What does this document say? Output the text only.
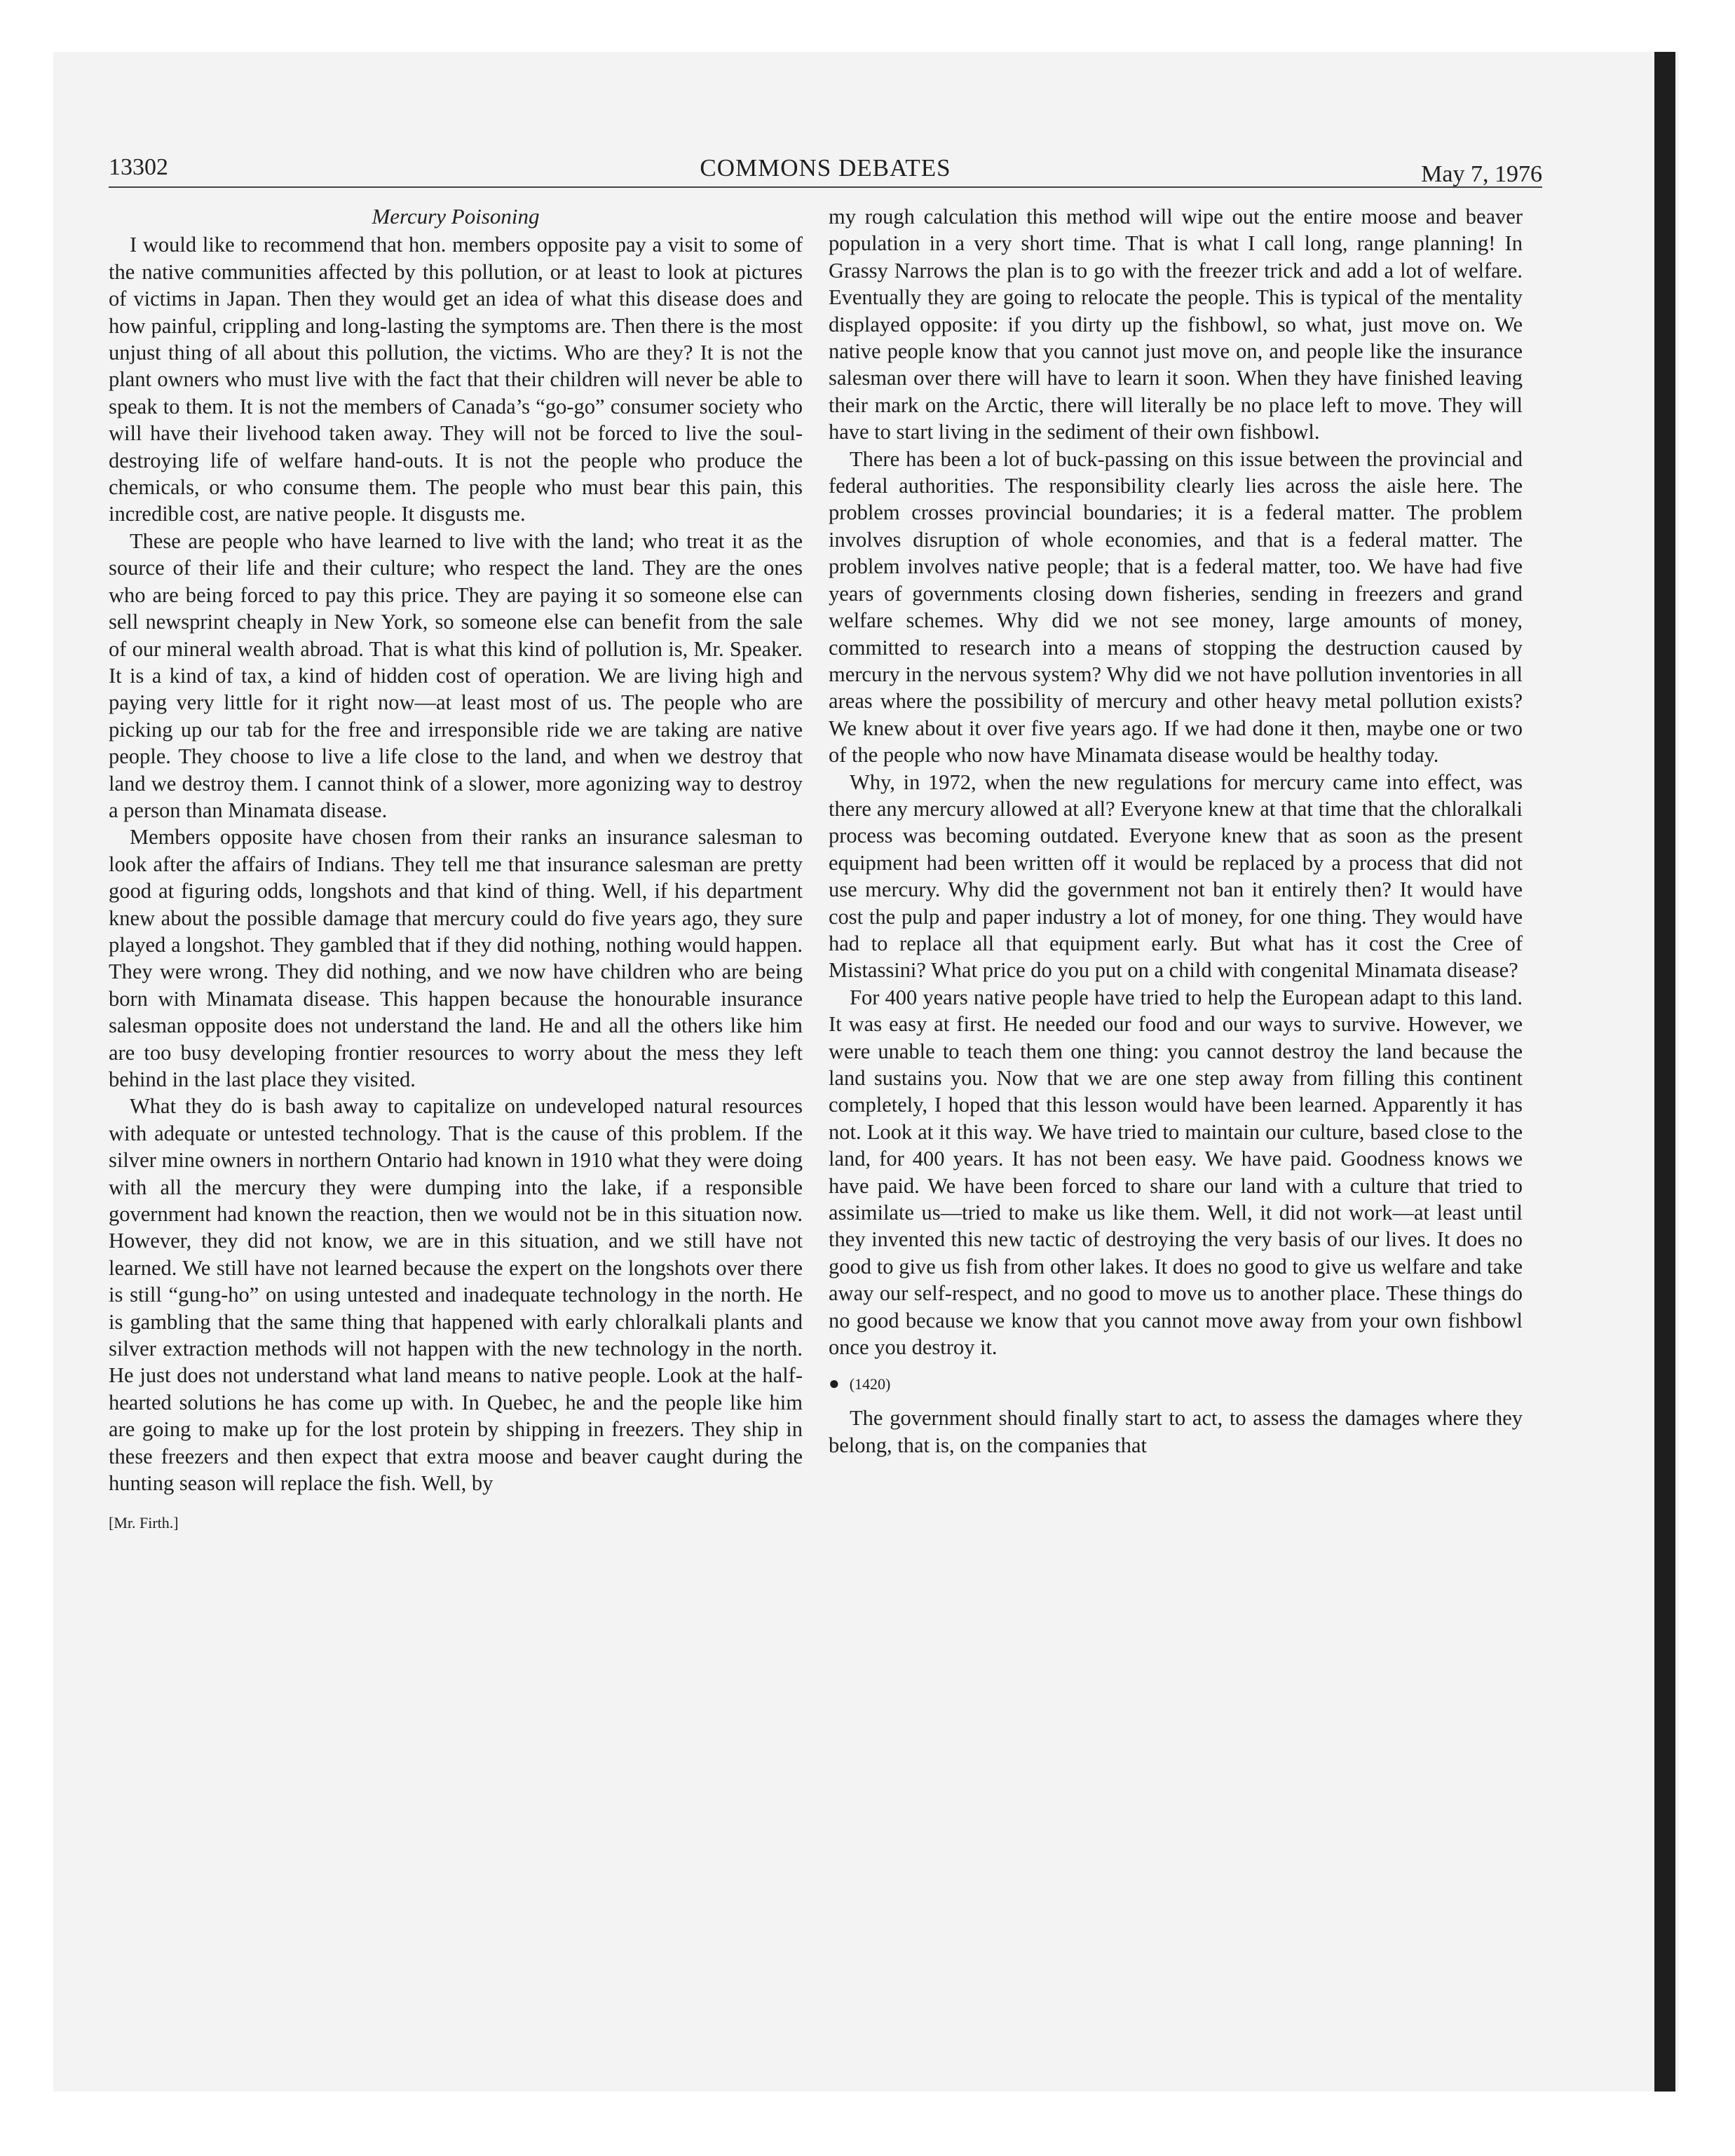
13302	COMMONS DEBATES	May 7, 1976
Mercury Poisoning

I would like to recommend that hon. members opposite pay a visit to some of the native communities affected by this pollution, or at least to look at pictures of victims in Japan. Then they would get an idea of what this disease does and how painful, crippling and long-lasting the symptoms are. Then there is the most unjust thing of all about this pollution, the victims. Who are they? It is not the plant owners who must live with the fact that their children will never be able to speak to them. It is not the members of Canada’s “go-go” consumer society who will have their livehood taken away. They will not be forced to live the soul-destroying life of welfare hand-outs. It is not the people who produce the chemicals, or who consume them. The people who must bear this pain, this incredible cost, are native people. It disgusts me.

These are people who have learned to live with the land; who treat it as the source of their life and their culture; who respect the land. They are the ones who are being forced to pay this price. They are paying it so someone else can sell newsprint cheaply in New York, so someone else can benefit from the sale of our mineral wealth abroad. That is what this kind of pollution is, Mr. Speaker. It is a kind of tax, a kind of hidden cost of operation. We are living high and paying very little for it right now—at least most of us. The people who are picking up our tab for the free and irresponsible ride we are taking are native people. They choose to live a life close to the land, and when we destroy that land we destroy them. I cannot think of a slower, more agonizing way to destroy a person than Minamata disease.

Members opposite have chosen from their ranks an insurance salesman to look after the affairs of Indians. They tell me that insurance salesman are pretty good at figuring odds, longshots and that kind of thing. Well, if his department knew about the possible damage that mercury could do five years ago, they sure played a longshot. They gambled that if they did nothing, nothing would happen. They were wrong. They did nothing, and we now have children who are being born with Minamata disease. This happen because the honourable insurance salesman opposite does not understand the land. He and all the others like him are too busy developing frontier resources to worry about the mess they left behind in the last place they visited.

What they do is bash away to capitalize on undeveloped natural resources with adequate or untested technology. That is the cause of this problem. If the silver mine owners in northern Ontario had known in 1910 what they were doing with all the mercury they were dumping into the lake, if a responsible government had known the reaction, then we would not be in this situation now. However, they did not know, we are in this situation, and we still have not learned. We still have not learned because the expert on the longshots over there is still “gung-ho” on using untested and inadequate technology in the north. He is gambling that the same thing that happened with early chloralkali plants and silver extraction methods will not happen with the new technology in the north. He just does not understand what land means to native people. Look at the half-hearted solutions he has come up with. In Quebec, he and the people like him are going to make up for the lost protein by shipping in freezers. They ship in these freezers and then expect that extra moose and beaver caught during the hunting season will replace the fish. Well, by

[Mr. Firth.]

my rough calculation this method will wipe out the entire moose and beaver population in a very short time. That is what I call long, range planning! In Grassy Narrows the plan is to go with the freezer trick and add a lot of welfare. Eventually they are going to relocate the people. This is typical of the mentality displayed opposite: if you dirty up the fishbowl, so what, just move on. We native people know that you cannot just move on, and people like the insurance salesman over there will have to learn it soon. When they have finished leaving their mark on the Arctic, there will literally be no place left to move. They will have to start living in the sediment of their own fishbowl.

There has been a lot of buck-passing on this issue between the provincial and federal authorities. The responsibility clearly lies across the aisle here. The problem crosses provincial boundaries; it is a federal matter. The problem involves disruption of whole economies, and that is a federal matter. The problem involves native people; that is a federal matter, too. We have had five years of governments closing down fisheries, sending in freezers and grand welfare schemes. Why did we not see money, large amounts of money, committed to research into a means of stopping the destruction caused by mercury in the nervous system? Why did we not have pollution inventories in all areas where the possibility of mercury and other heavy metal pollution exists? We knew about it over five years ago. If we had done it then, maybe one or two of the people who now have Minamata disease would be healthy today.

Why, in 1972, when the new regulations for mercury came into effect, was there any mercury allowed at all? Everyone knew at that time that the chloralkali process was becoming outdated. Everyone knew that as soon as the present equipment had been written off it would be replaced by a process that did not use mercury. Why did the government not ban it entirely then? It would have cost the pulp and paper industry a lot of money, for one thing. They would have had to replace all that equipment early. But what has it cost the Cree of Mistassini? What price do you put on a child with congenital Minamata disease?

For 400 years native people have tried to help the European adapt to this land. It was easy at first. He needed our food and our ways to survive. However, we were unable to teach them one thing: you cannot destroy the land because the land sustains you. Now that we are one step away from filling this continent completely, I hoped that this lesson would have been learned. Apparently it has not. Look at it this way. We have tried to maintain our culture, based close to the land, for 400 years. It has not been easy. We have paid. Goodness knows we have paid. We have been forced to share our land with a culture that tried to assimilate us—tried to make us like them. Well, it did not work—at least until they invented this new tactic of destroying the very basis of our lives. It does no good to give us fish from other lakes. It does no good to give us welfare and take away our self-respect, and no good to move us to another place. These things do no good because we know that you cannot move away from your own fishbowl once you destroy it.

● (1420)

The government should finally start to act, to assess the damages where they belong, that is, on the companies that
